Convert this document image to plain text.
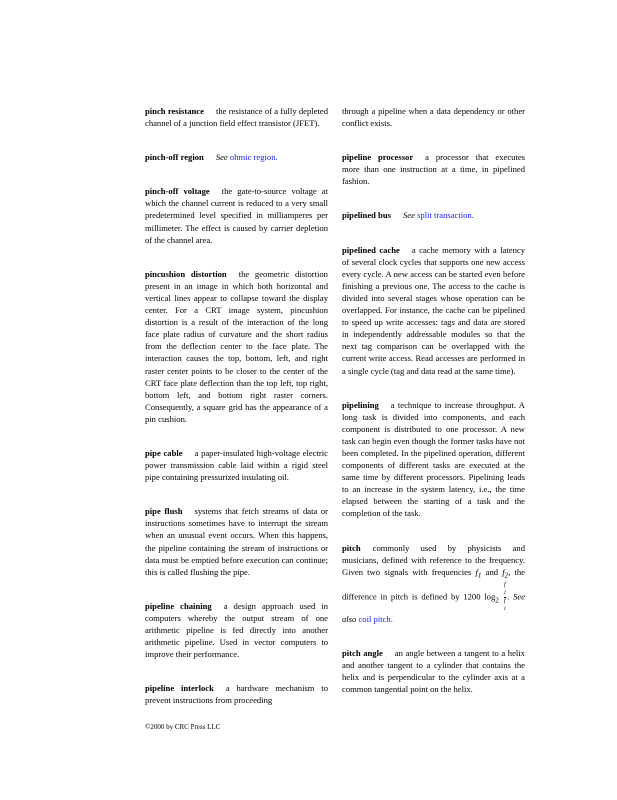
pinch resistance the resistance of a fully depleted channel of a junction field effect transistor (JFET).

pinch-off region See ohmic region.

pinch-off voltage the gate-to-source voltage at which the channel current is reduced to a very small predetermined level specified in milliamperes per millimeter. The effect is caused by carrier depletion of the channel area.

pincushion distortion the geometric distortion present in an image in which both horizontal and vertical lines appear to collapse toward the display center. For a CRT image system, pincushion distortion is a result of the interaction of the long face plate radius of curvature and the short radius from the deflection center to the face plate. The interaction causes the top, bottom, left, and right raster center points to be closer to the center of the CRT face plate deflection than the top left, top right, bottom left, and bottom right raster corners. Consequently, a square grid has the appearance of a pin cushion.

pipe cable a paper-insulated high-voltage electric power transmission cable laid within a rigid steel pipe containing pressurized insulating oil.

pipe flush systems that fetch streams of data or instructions sometimes have to interrupt the stream when an unusual event occurs. When this happens, the pipeline containing the stream of instructions or data must be emptied before execution can continue; this is called flushing the pipe.

pipeline chaining a design approach used in computers whereby the output stream of one arithmetic pipeline is fed directly into another arithmetic pipeline. Used in vector computers to improve their performance.

pipeline interlock a hardware mechanism to prevent instructions from proceeding

through a pipeline when a data dependency or other conflict exists.

pipeline processor a processor that executes more than one instruction at a time, in pipelined fashion.

pipelined bus See split transaction.

pipelined cache a cache memory with a latency of several clock cycles that supports one new access every cycle. A new access can be started even before finishing a previous one. The access to the cache is divided into several stages whose operation can be overlapped. For instance, the cache can be pipelined to speed up write accesses: tags and data are stored in independently addressable modules so that the next tag comparison can be overlapped with the current write access. Read accesses are performed in a single cycle (tag and data read at the same time).

pipelining a technique to increase throughput. A long task is divided into components, and each component is distributed to one processor. A new task can begin even though the former tasks have not been completed. In the pipelined operation, different components of different tasks are executed at the same time by different processors. Pipelining leads to an increase in the system latency, i.e., the time elapsed between the starting of a task and the completion of the task.

pitch commonly used by physicists and musicians, defined with reference to the frequency. Given two signals with frequencies $f_1$ and $f_2$, the difference in pitch is defined by 1200 $\log_2 f$
$_2$
f
$_1$ . See also coil pitch.

pitch angle an angle between a tangent to a helix and another tangent to a cylinder that contains the helix and is perpendicular to the cylinder axis at a common tangential point on the helix.

©2000 by CRC Press LLC
